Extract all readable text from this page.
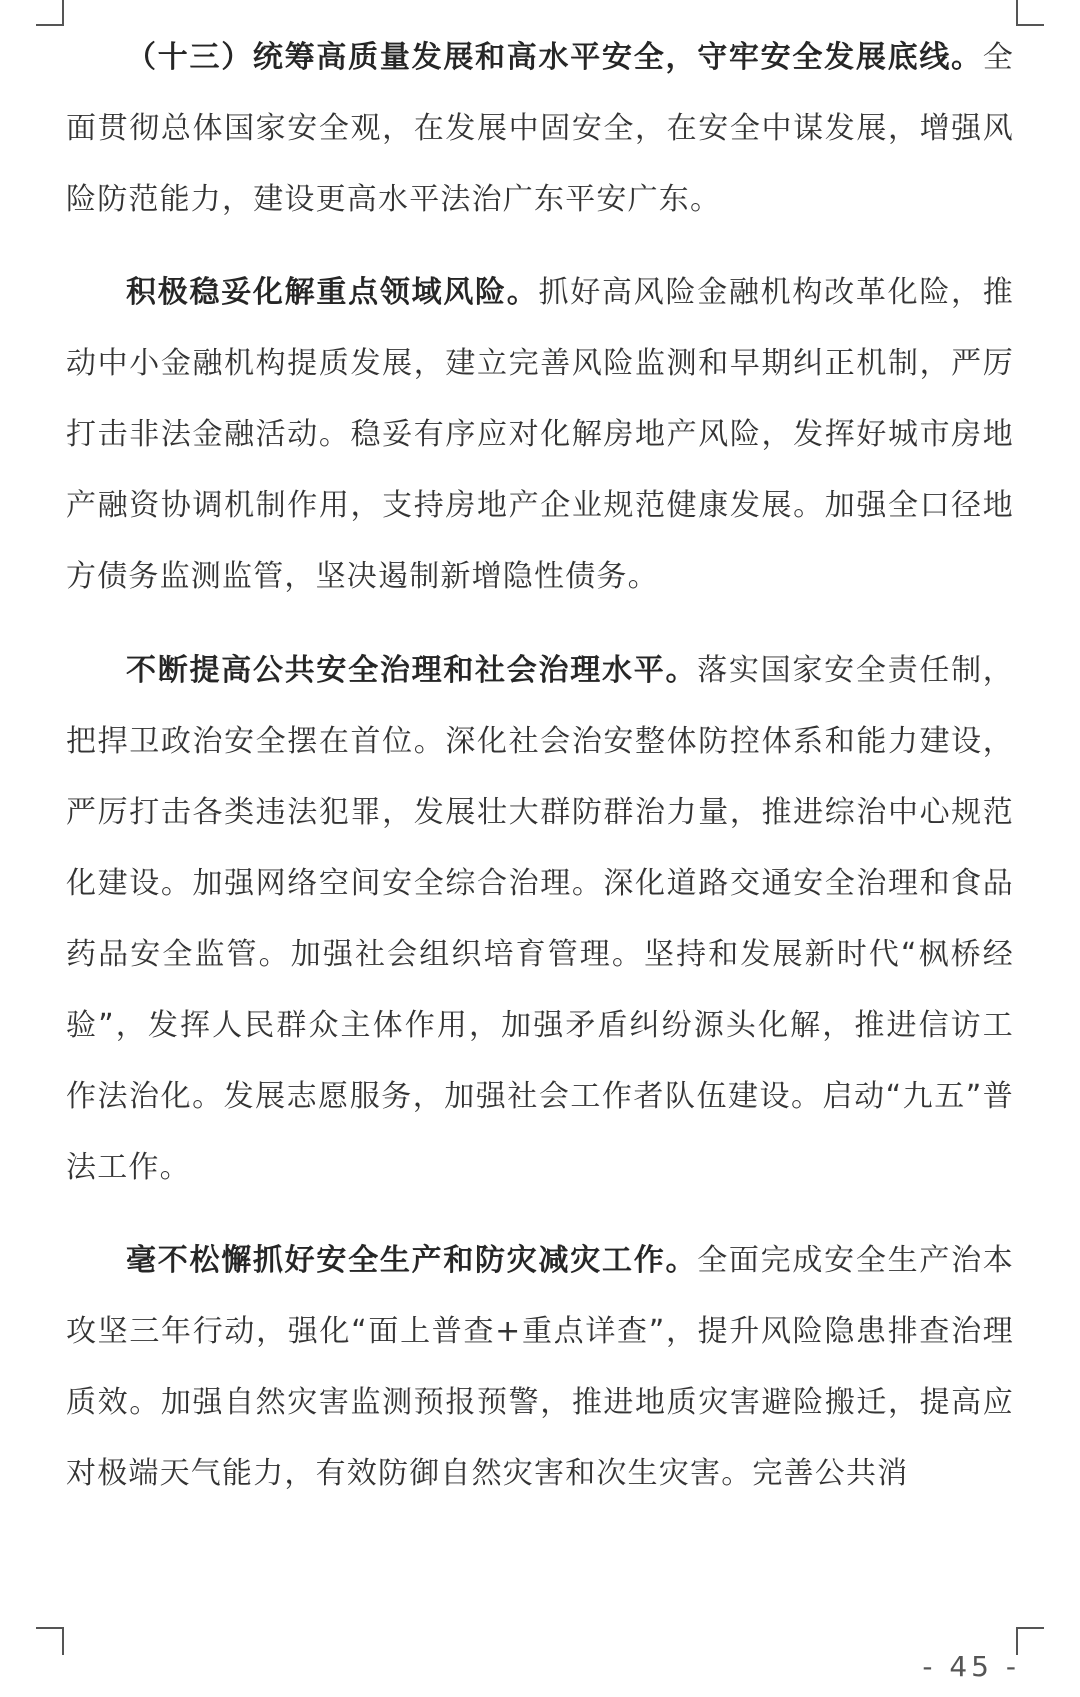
（十三）统筹高质量发展和高水平安全，守牢安全发展底线。全面贯彻总体国家安全观，在发展中固安全，在安全中谋发展，增强风险防范能力，建设更高水平法治广东平安广东。

积极稳妥化解重点领域风险。抓好高风险金融机构改革化险，推动中小金融机构提质发展，建立完善风险监测和早期纠正机制，严厉打击非法金融活动。稳妥有序应对化解房地产风险，发挥好城市房地产融资协调机制作用，支持房地产企业规范健康发展。加强全口径地方债务监测监管，坚决遏制新增隐性债务。

不断提高公共安全治理和社会治理水平。落实国家安全责任制，把捍卫政治安全摆在首位。深化社会治安整体防控体系和能力建设，严厉打击各类违法犯罪，发展壮大群防群治力量，推进综治中心规范化建设。加强网络空间安全综合治理。深化道路交通安全治理和食品药品安全监管。加强社会组织培育管理。坚持和发展新时代“枫桥经验”，发挥人民群众主体作用，加强矛盾纠纷源头化解，推进信访工作法治化。发展志愿服务，加强社会工作者队伍建设。启动“九五”普法工作。

毫不松懈抓好安全生产和防灾减灾工作。全面完成安全生产治本攻坚三年行动，强化“面上普查+重点详查”，提升风险隐患排查治理质效。加强自然灾害监测预报预警，推进地质灾害避险搬迁，提高应对极端天气能力，有效防御自然灾害和次生灾害。完善公共消

- 45 -
